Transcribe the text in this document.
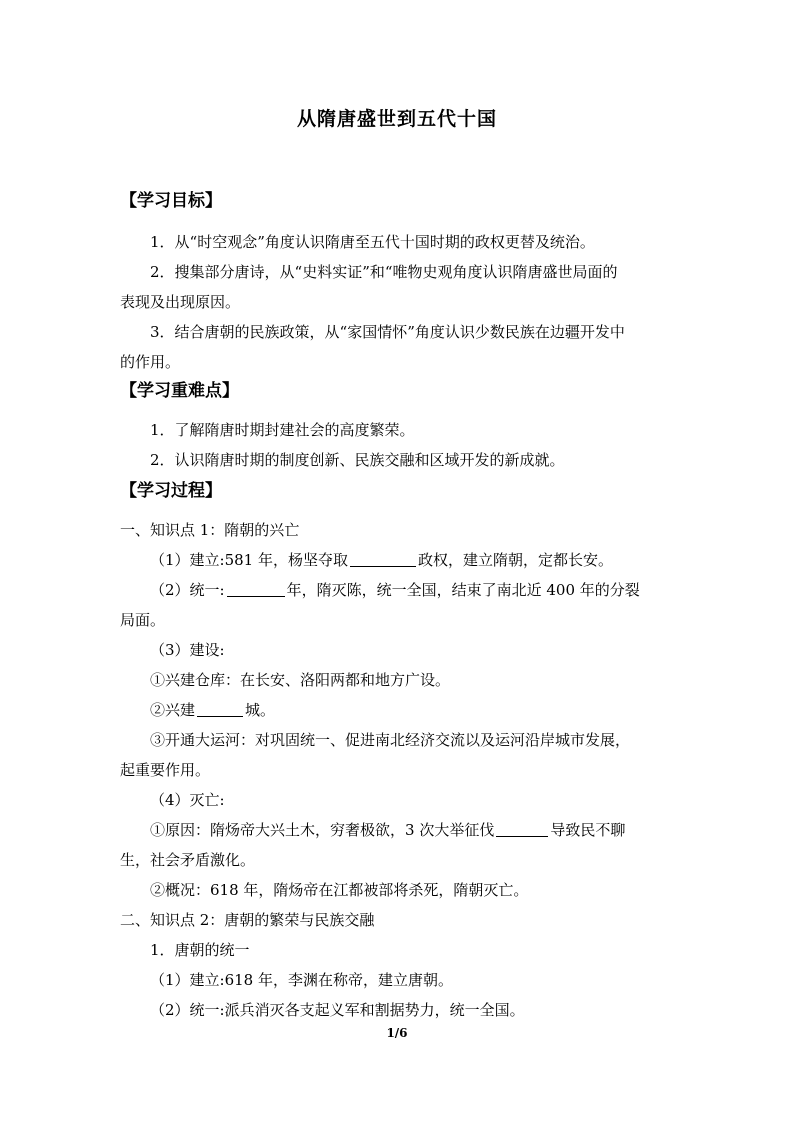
从隋唐盛世到五代十国
【学习目标】
1．从“时空观念”角度认识隋唐至五代十国时期的政权更替及统治。
2．搜集部分唐诗，从“史料实证”和“唯物史观角度认识隋唐盛世局面的
表现及出现原因。
3．结合唐朝的民族政策，从“家国情怀”角度认识少数民族在边疆开发中
的作用。
【学习重难点】
1．了解隋唐时期封建社会的高度繁荣。
2．认识隋唐时期的制度创新、民族交融和区域开发的新成就。
【学习过程】
一、知识点 1：隋朝的兴亡
（1）建立:581 年，杨坚夺取	政权，建立隋朝，定都长安。
（2）统一:	年，隋灭陈，统一全国，结束了南北近 400 年的分裂
局面。
（3）建设:
①兴建仓库：在长安、洛阳两都和地方广设。
②兴建	城。
③开通大运河：对巩固统一、促进南北经济交流以及运河沿岸城市发展，
起重要作用。
（4）灭亡:
①原因：隋炀帝大兴土木，穷奢极欲，3 次大举征伐	导致民不聊
生，社会矛盾激化。
②概况：618 年，隋炀帝在江都被部将杀死，隋朝灭亡。
二、知识点 2：唐朝的繁荣与民族交融
1．唐朝的统一
（1）建立:618 年，李渊在称帝，建立唐朝。
（2）统一:派兵消灭各支起义军和割据势力，统一全国。
1/6
